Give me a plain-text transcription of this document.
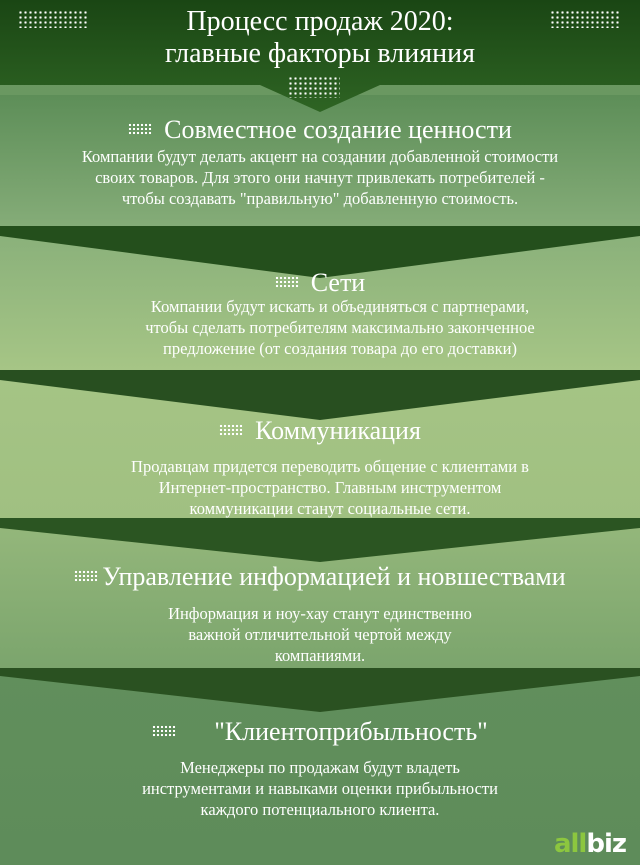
Процесс продаж 2020:
главные факторы влияния
Совместное создание ценности
Компании будут делать акцент на создании добавленной стоимости
своих товаров. Для этого они начнут привлекать потребителей -
чтобы создавать "правильную" добавленную стоимость.
Сети
Компании будут искать и объединяться с партнерами,
чтобы сделать потребителям максимально законченное
предложение (от создания товара до его доставки)
Коммуникация
Продавцам придется переводить общение с клиентами в
Интернет-пространство. Главным инструментом
коммуникации станут социальные сети.
Управление информацией и новшествами
Информация и ноу-хау станут единственно
важной отличительной чертой между
компаниями.
"Клиентоприбыльность"
Менеджеры по продажам будут владеть
инструментами и навыками оценки прибыльности
каждого потенциального клиента.
allbiz
